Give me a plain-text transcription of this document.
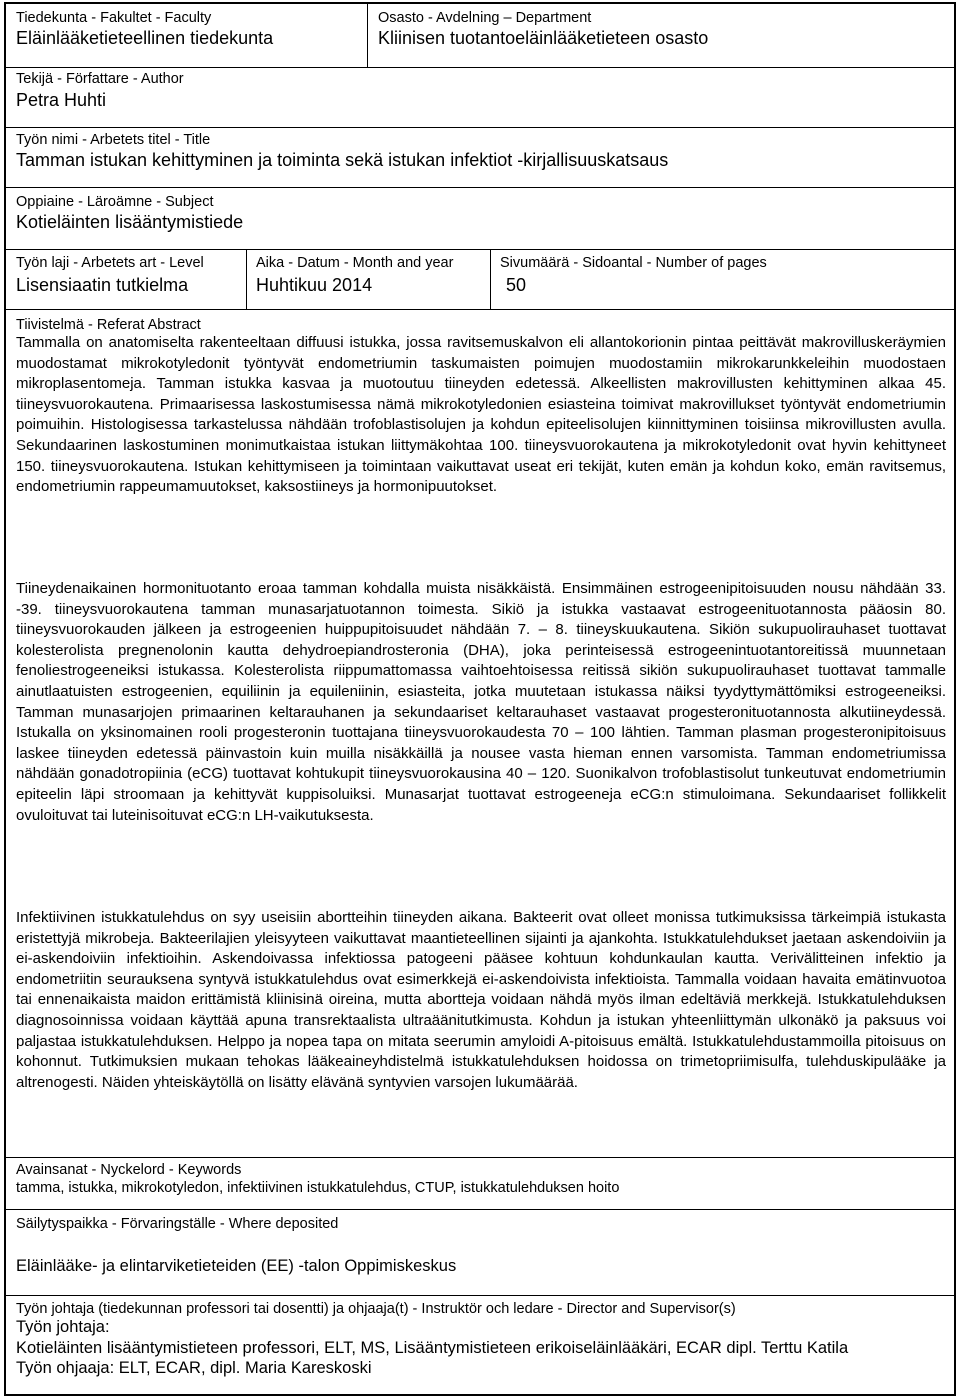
Tiedekunta - Fakultet - Faculty
Eläinlääketieteellinen tiedekunta
Osasto - Avdelning – Department
Kliinisen tuotantoeläinlääketieteen osasto
Tekijä - Författare - Author
Petra Huhti
Työn nimi - Arbetets titel - Title
Tamman istukan kehittyminen ja toiminta sekä istukan infektiot -kirjallisuuskatsaus
Oppiaine - Läroämne - Subject
Kotieläinten lisääntymistiede
Työn laji - Arbetets art - Level
Lisensiaatin tutkielma
Aika - Datum - Month and year
Huhtikuu 2014
Sivumäärä - Sidoantal - Number of pages
50
Tiivistelmä - Referat Abstract

Tammalla on anatomiselta rakenteeltaan diffuusi istukka, jossa ravitsemuskalvon eli allantokorionin pintaa peittävät makrovilluskeräymien muodostamat mikrokotyledonit työntyvät endometriumin taskumaisten poimujen muodostamiin mikrokarunkkeleihin muodostaen mikroplasentomeja. Tamman istukka kasvaa ja muotoutuu tiineyden edetessä. Alkeellisten makrovillusten kehittyminen alkaa 45. tiineysvuorokautena. Primaarisessa laskostumisessa nämä mikrokotyledonien esiasteina toimivat makrovillukset työntyvät endometriumin poimuihin. Histologisessa tarkastelussa nähdään trofoblastisolujen ja kohdun epiteelisolujen kiinnittyminen toisiinsa mikrovillusten avulla. Sekundaarinen laskostuminen monimutkaistaa istukan liittymäkohtaa 100. tiineysvuorokautena ja mikrokotyledonit ovat hyvin kehittyneet 150. tiineysvuorokautena. Istukan kehittymiseen ja toimintaan vaikuttavat useat eri tekijät, kuten emän ja kohdun koko, emän ravitsemus, endometriumin rappeumamuutokset, kaksostiineys ja hormonipuutokset.

Tiineydenaikainen hormonituotanto eroaa tamman kohdalla muista nisäkkäistä. Ensimmäinen estrogeenipitoisuuden nousu nähdään 33. -39. tiineysvuorokautena tamman munasarjatuotannon toimesta. Sikiö ja istukka vastaavat estrogeenituotannosta pääosin 80. tiineysvuorokauden jälkeen ja estrogeenien huippupitoisuudet nähdään 7. – 8. tiineyskuukautena. Sikiön sukupuolirauhaset tuottavat kolesterolista pregnenolonin kautta dehydroepiandrosteronia (DHA), joka perinteisessä estrogeenintuotantoreitissä muunnetaan fenoliestrogeeneiksi istukassa. Kolesterolista riippumattomassa vaihtoehtoisessa reitissä sikiön sukupuolirauhaset tuottavat tammalle ainutlaatuisten estrogeenien, equiliinin ja equileniinin, esiasteita, jotka muutetaan istukassa näiksi tyydyttymättömiksi estrogeeneiksi. Tamman munasarjojen primaarinen keltarauhanen ja sekundaariset keltarauhaset vastaavat progesteronituotannosta alkutiineydessä. Istukalla on yksinomainen rooli progesteronin tuottajana tiineysvuorokaudesta 70 – 100 lähtien. Tamman plasman progesteronipitoisuus laskee tiineyden edetessä päinvastoin kuin muilla nisäkkäillä ja nousee vasta hieman ennen varsomista. Tamman endometriumissa nähdään gonadotropiinia (eCG) tuottavat kohtukupit tiineysvuorokausina 40 – 120. Suonikalvon trofoblastisolut tunkeutuvat endometriumin epiteelin läpi stroomaan ja kehittyvät kuppisoluiksi. Munasarjat tuottavat estrogeeneja eCG:n stimuloimana. Sekundaariset follikkelit ovuloituvat tai luteinisoituvat eCG:n LH-vaikutuksesta.

Infektiivinen istukkatulehdus on syy useisiin abortteihin tiineyden aikana. Bakteerit ovat olleet monissa tutkimuksissa tärkeimpiä istukasta eristettyjä mikrobeja. Bakteerilajien yleisyyteen vaikuttavat maantieteellinen sijainti ja ajankohta. Istukkatulehdukset jaetaan askendoiviin ja ei-askendoiviin infektioihin. Askendoivassa infektiossa patogeeni pääsee kohtuun kohdunkaulan kautta. Verivälitteinen infektio ja endometriitin seurauksena syntyvä istukkatulehdus ovat esimerkkejä ei-askendoivista infektioista. Tammalla voidaan havaita emätinvuotoa tai ennenaikaista maidon erittämistä kliinisinä oireina, mutta abortteja voidaan nähdä myös ilman edeltäviä merkkejä. Istukkatulehduksen diagnosoinnissa voidaan käyttää apuna transrektaalista ultraäänitutkimusta. Kohdun ja istukan yhteenliittymän ulkonäkö ja paksuus voi paljastaa istukkatulehduksen. Helppo ja nopea tapa on mitata seerumin amyloidi A-pitoisuus emältä. Istukkatulehdustammoilla pitoisuus on kohonnut. Tutkimuksien mukaan tehokas lääkeaineyhdistelmä istukkatulehduksen hoidossa on trimetopriimisulfa, tulehduskipulääke ja altrenogesti. Näiden yhteiskäytöllä on lisätty elävänä syntyvien varsojen lukumäärää.

Avainsanat - Nyckelord - Keywords
tamma, istukka, mikrokotyledon, infektiivinen istukkatulehdus, CTUP, istukkatulehduksen hoito
Säilytyspaikka - Förvaringställe - Where deposited
Eläinlääke- ja elintarviketieteiden (EE) -talon Oppimiskeskus
Työn johtaja (tiedekunnan professori tai dosentti) ja ohjaaja(t) - Instruktör och ledare - Director and Supervisor(s)
Työn johtaja:
Kotieläinten lisääntymistieteen professori, ELT, MS, Lisääntymistieteen erikoiseläinlääkäri, ECAR dipl. Terttu Katila
Työn ohjaaja: ELT, ECAR, dipl. Maria Kareskoski
